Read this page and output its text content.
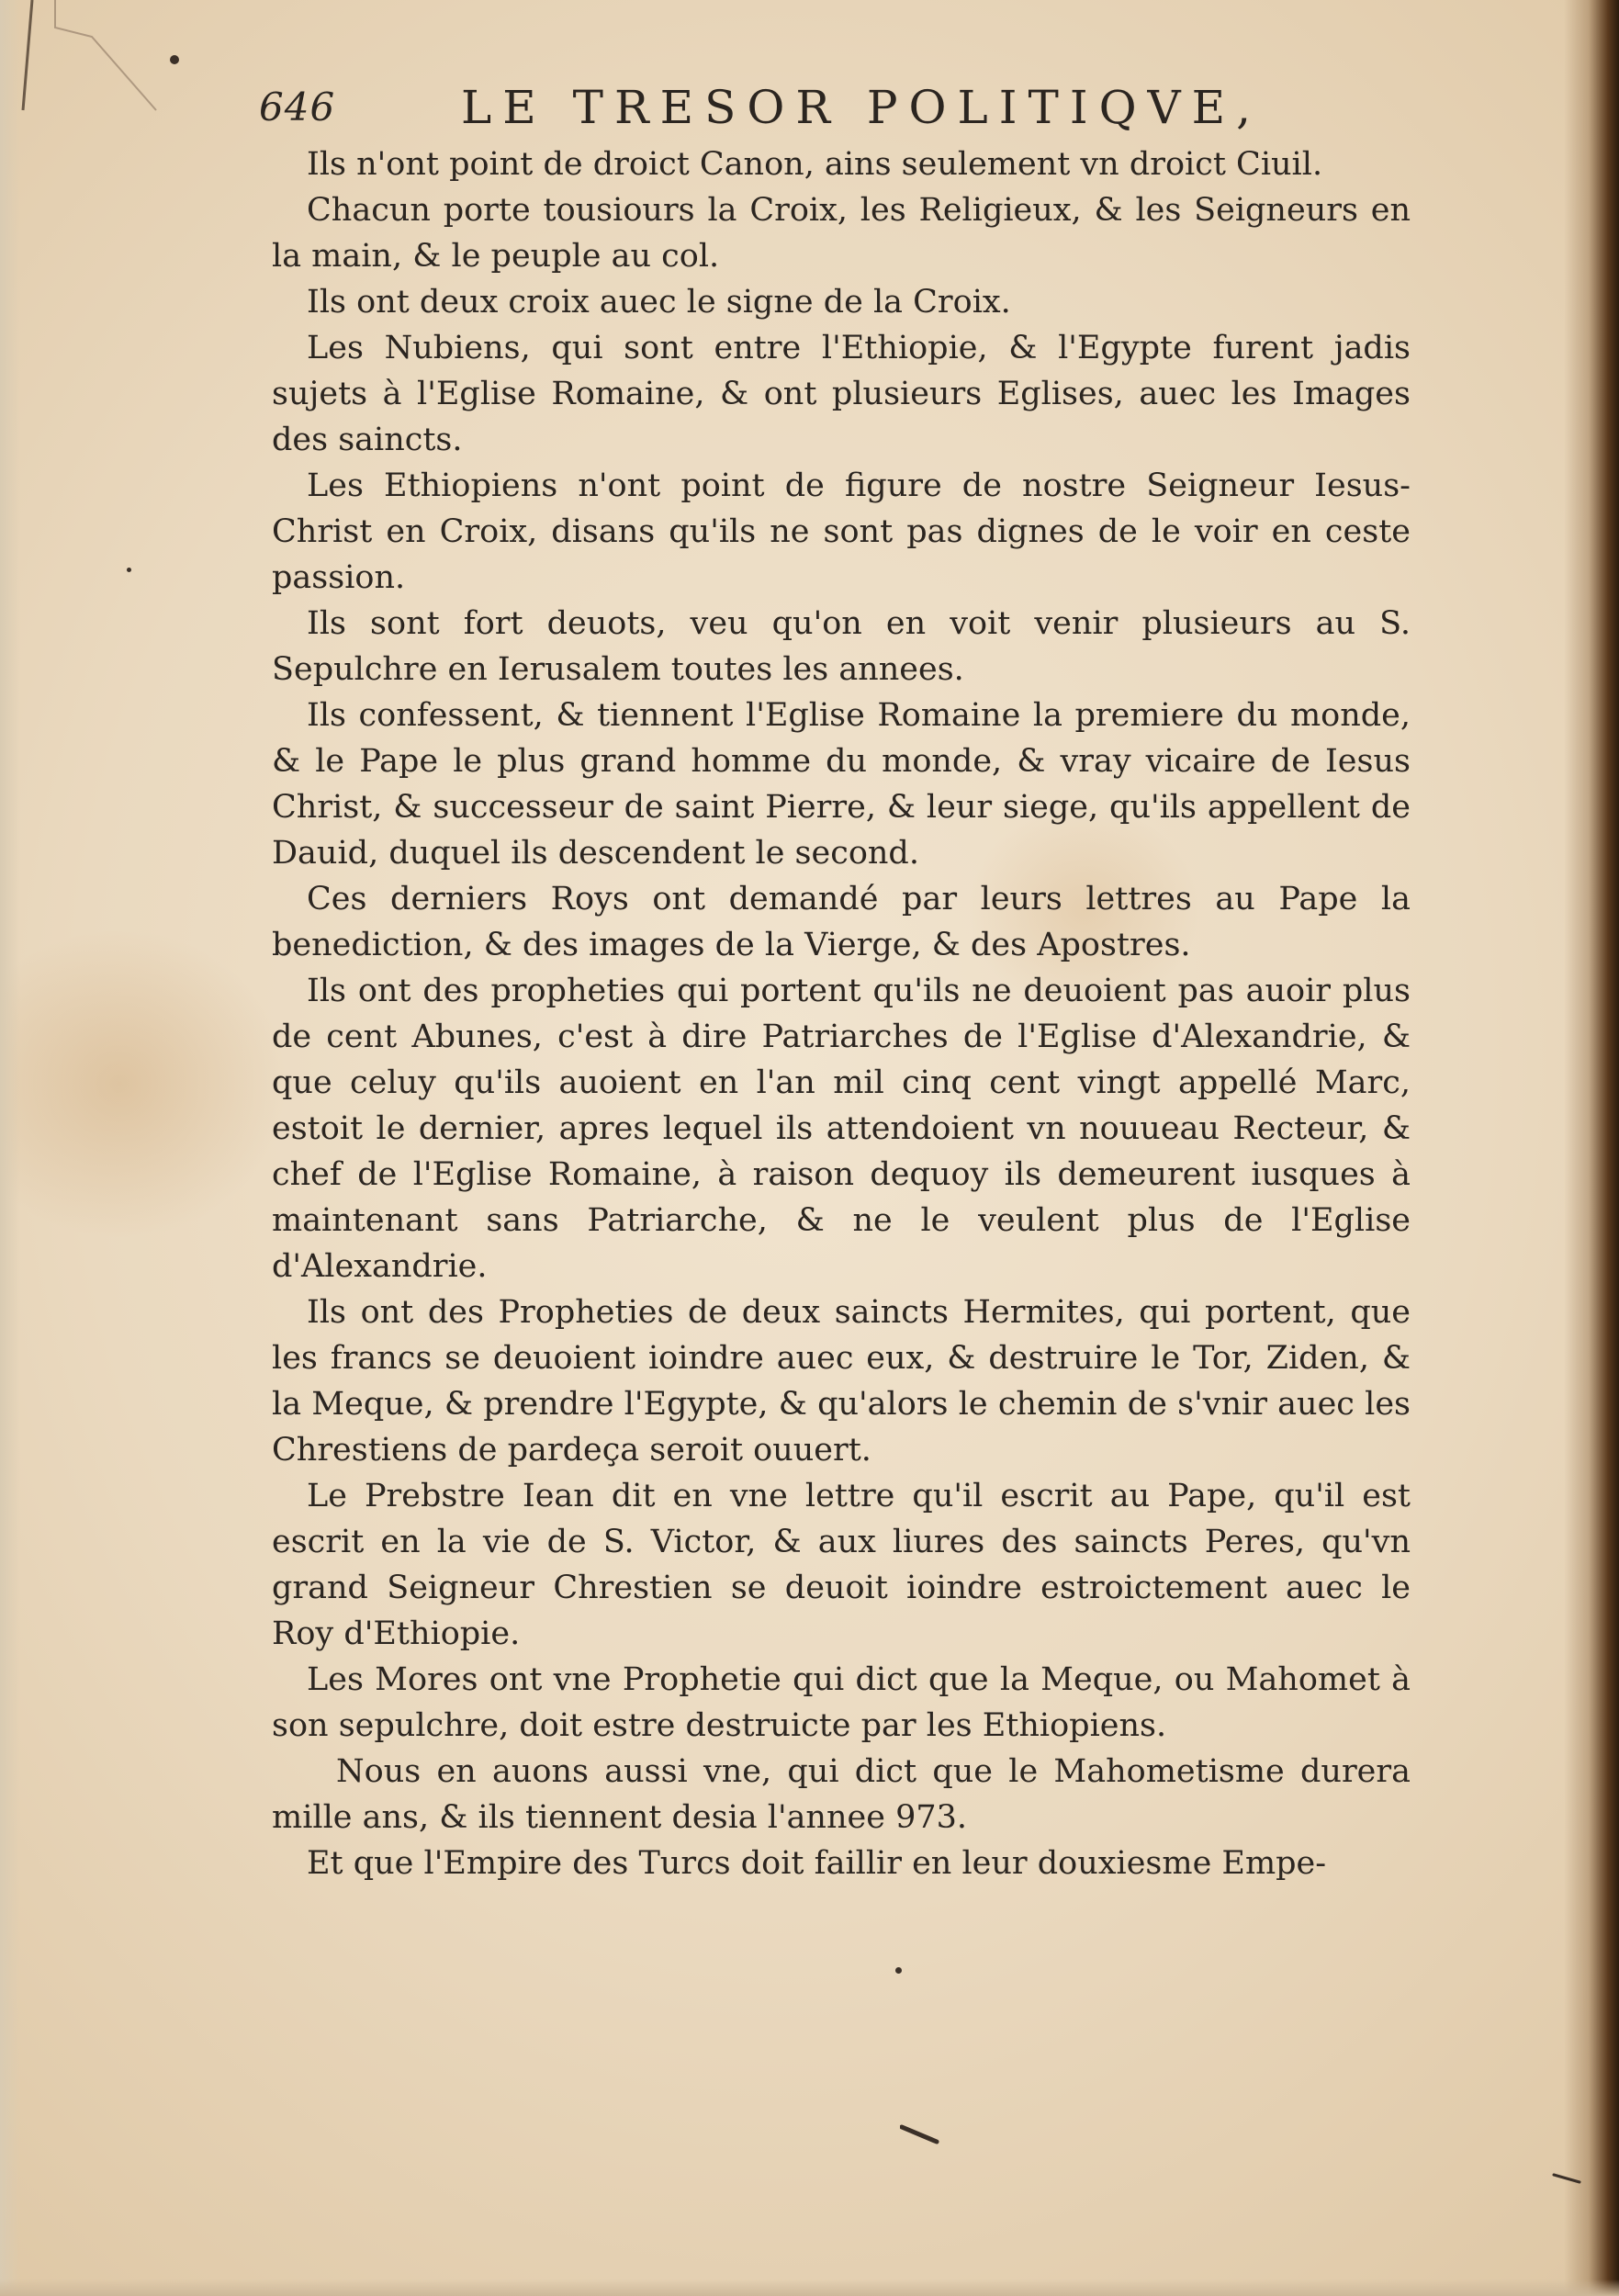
646	LE TRESOR POLITIQVE,

Ils n'ont point de droict Canon, ains seulement vn droict Ciuil.

Chacun porte tousiours la Croix, les Religieux, & les Seigneurs en la main, & le peuple au col.

Ils ont deux croix auec le signe de la Croix.

Les Nubiens, qui sont entre l'Ethiopie, & l'Egypte furent jadis sujets à l'Eglise Romaine, & ont plusieurs Eglises, auec les Images des saincts.

Les Ethiopiens n'ont point de figure de nostre Seigneur Iesus-Christ en Croix, disans qu'ils ne sont pas dignes de le voir en ceste passion.

Ils sont fort deuots, veu qu'on en voit venir plusieurs au S. Sepulchre en Ierusalem toutes les annees.

Ils confessent, & tiennent l'Eglise Romaine la premiere du monde, & le Pape le plus grand homme du monde, & vray vicaire de Iesus Christ, & successeur de saint Pierre, & leur siege, qu'ils appellent de Dauid, duquel ils descendent le second.

Ces derniers Roys ont demandé par leurs lettres au Pape la benediction, & des images de la Vierge, & des Apostres.

Ils ont des propheties qui portent qu'ils ne deuoient pas auoir plus de cent Abunes, c'est à dire Patriarches de l'Eglise d'Alexandrie, & que celuy qu'ils auoient en l'an mil cinq cent vingt appellé Marc, estoit le dernier, apres lequel ils attendoient vn nouueau Recteur, & chef de l'Eglise Romaine, à raison dequoy ils demeurent iusques à maintenant sans Patriarche, & ne le veulent plus de l'Eglise d'Alexandrie.

Ils ont des Propheties de deux saincts Hermites, qui portent, que les francs se deuoient ioindre auec eux, & destruire le Tor, Ziden, & la Meque, & prendre l'Egypte, & qu'alors le chemin de s'vnir auec les Chrestiens de pardeça seroit ouuert.

Le Prebstre Iean dit en vne lettre qu'il escrit au Pape, qu'il est escrit en la vie de S. Victor, & aux liures des saincts Peres, qu'vn grand Seigneur Chrestien se deuoit ioindre estroictement auec le Roy d'Ethiopie.

Les Mores ont vne Prophetie qui dict que la Meque, ou Mahomet à son sepulchre, doit estre destruicte par les Ethiopiens.

Nous en auons aussi vne, qui dict que le Mahometisme durera mille ans, & ils tiennent desia l'annee 973.

Et que l'Empire des Turcs doit faillir en leur douxiesme Empe-
